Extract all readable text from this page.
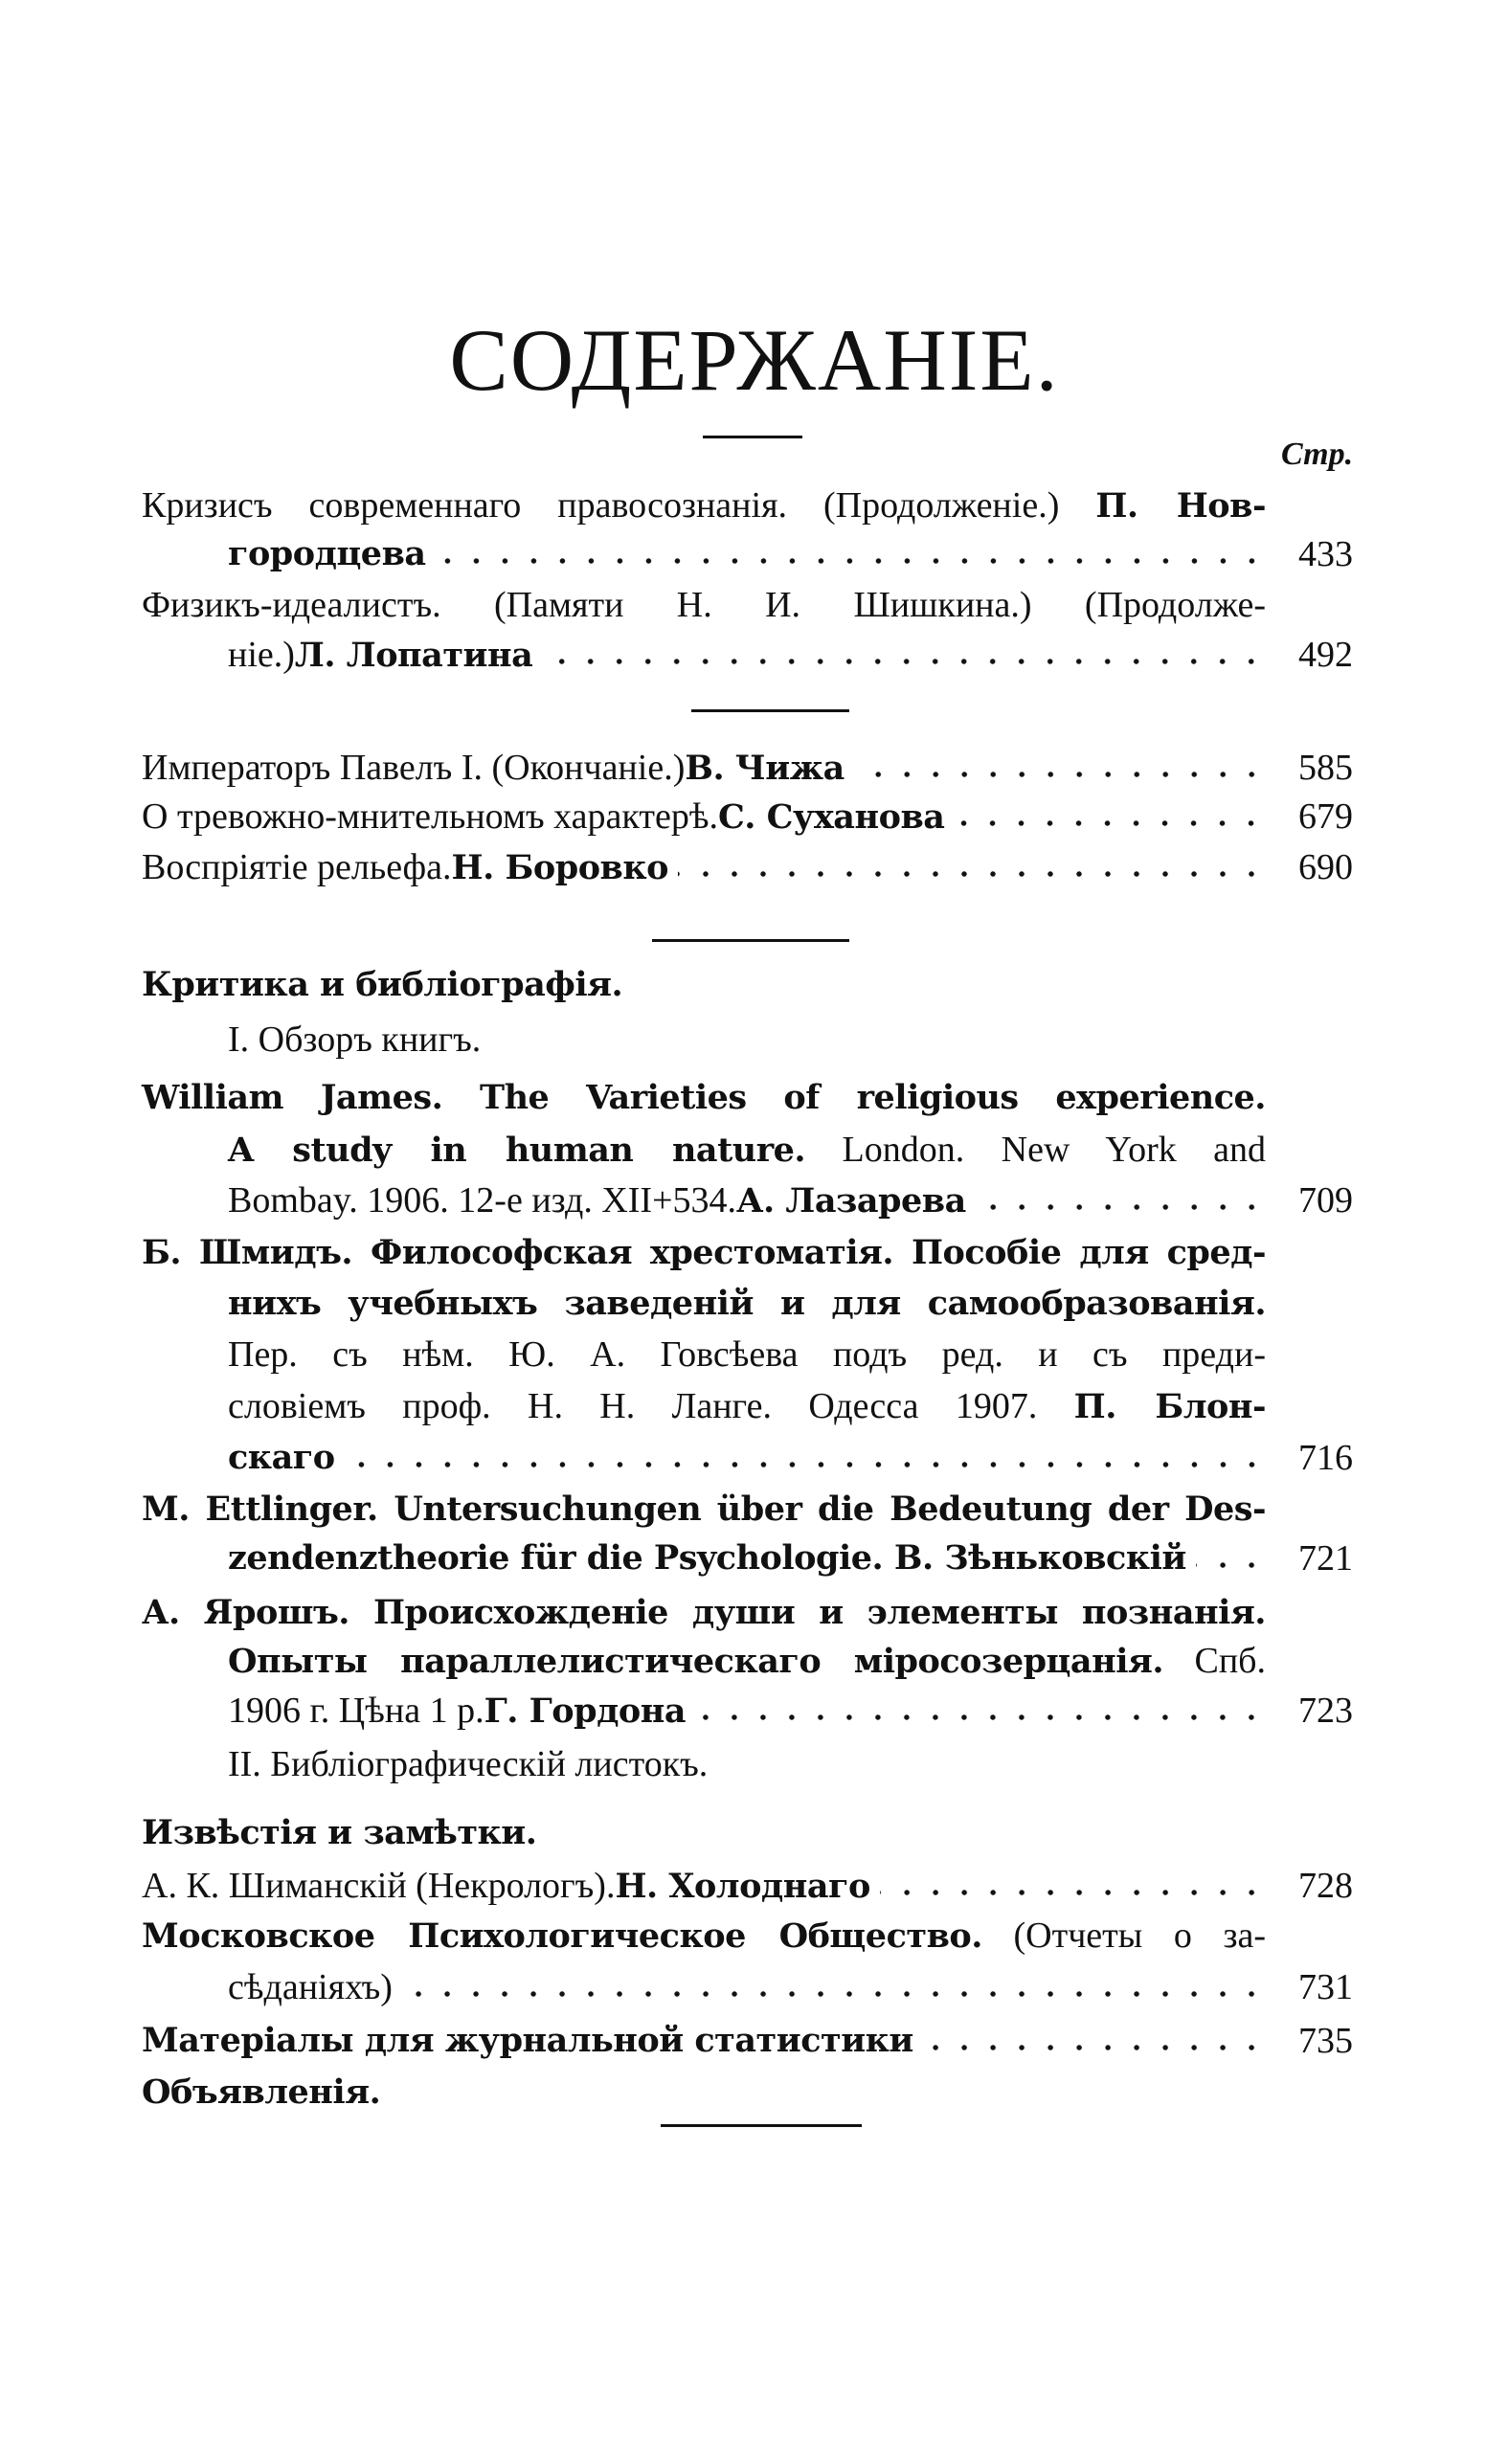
СОДЕРЖАНІЕ.
Стр.
Кризисъ современнаго правосознанія. (Продолженіе.) П. Нов-
городцева	433
Физикъ-идеалистъ. (Памяти Н. И. Шишкина.) (Продолже-
ніе.) Л. Лопатина	492
Императоръ Павелъ I. (Окончаніе.) В. Чижа	585
О тревожно-мнительномъ характерѣ. С. Суханова	679
Воспріятіе рельефа. Н. Боровко	690
Критика и библіографія.
I. Обзоръ книгъ.
William James. The Varieties of religious experience.
A study in human nature. London. New York and
Bombay. 1906. 12-е изд. XII+534. А. Лазарева	709
Б. Шмидъ. Философская хрестоматія. Пособіе для сред-
нихъ учебныхъ заведеній и для самообразованія.
Пер. съ нѣм. Ю. А. Говсѣева подъ ред. и съ преди-
словіемъ проф. Н. Н. Ланге. Одесса 1907. П. Блон-
скаго	716
M. Ettlinger. Untersuchungen über die Bedeutung der Des-
zendenztheorie für die Psychologie. В. Зѣньковскій	721
А. Ярошъ. Происхожденіе души и элементы познанія.
Опыты параллелистическаго міросозерцанія. Спб.
1906 г. Цѣна 1 р. Г. Гордона	723
II. Библіографическій листокъ.
Извѣстія и замѣтки.
А. К. Шиманскій (Некрологъ). Н. Холоднаго	728
Московское Психологическое Общество. (Отчеты о за-
сѣданіяхъ)	731
Матеріалы для журнальной статистики	735
Объявленія.
